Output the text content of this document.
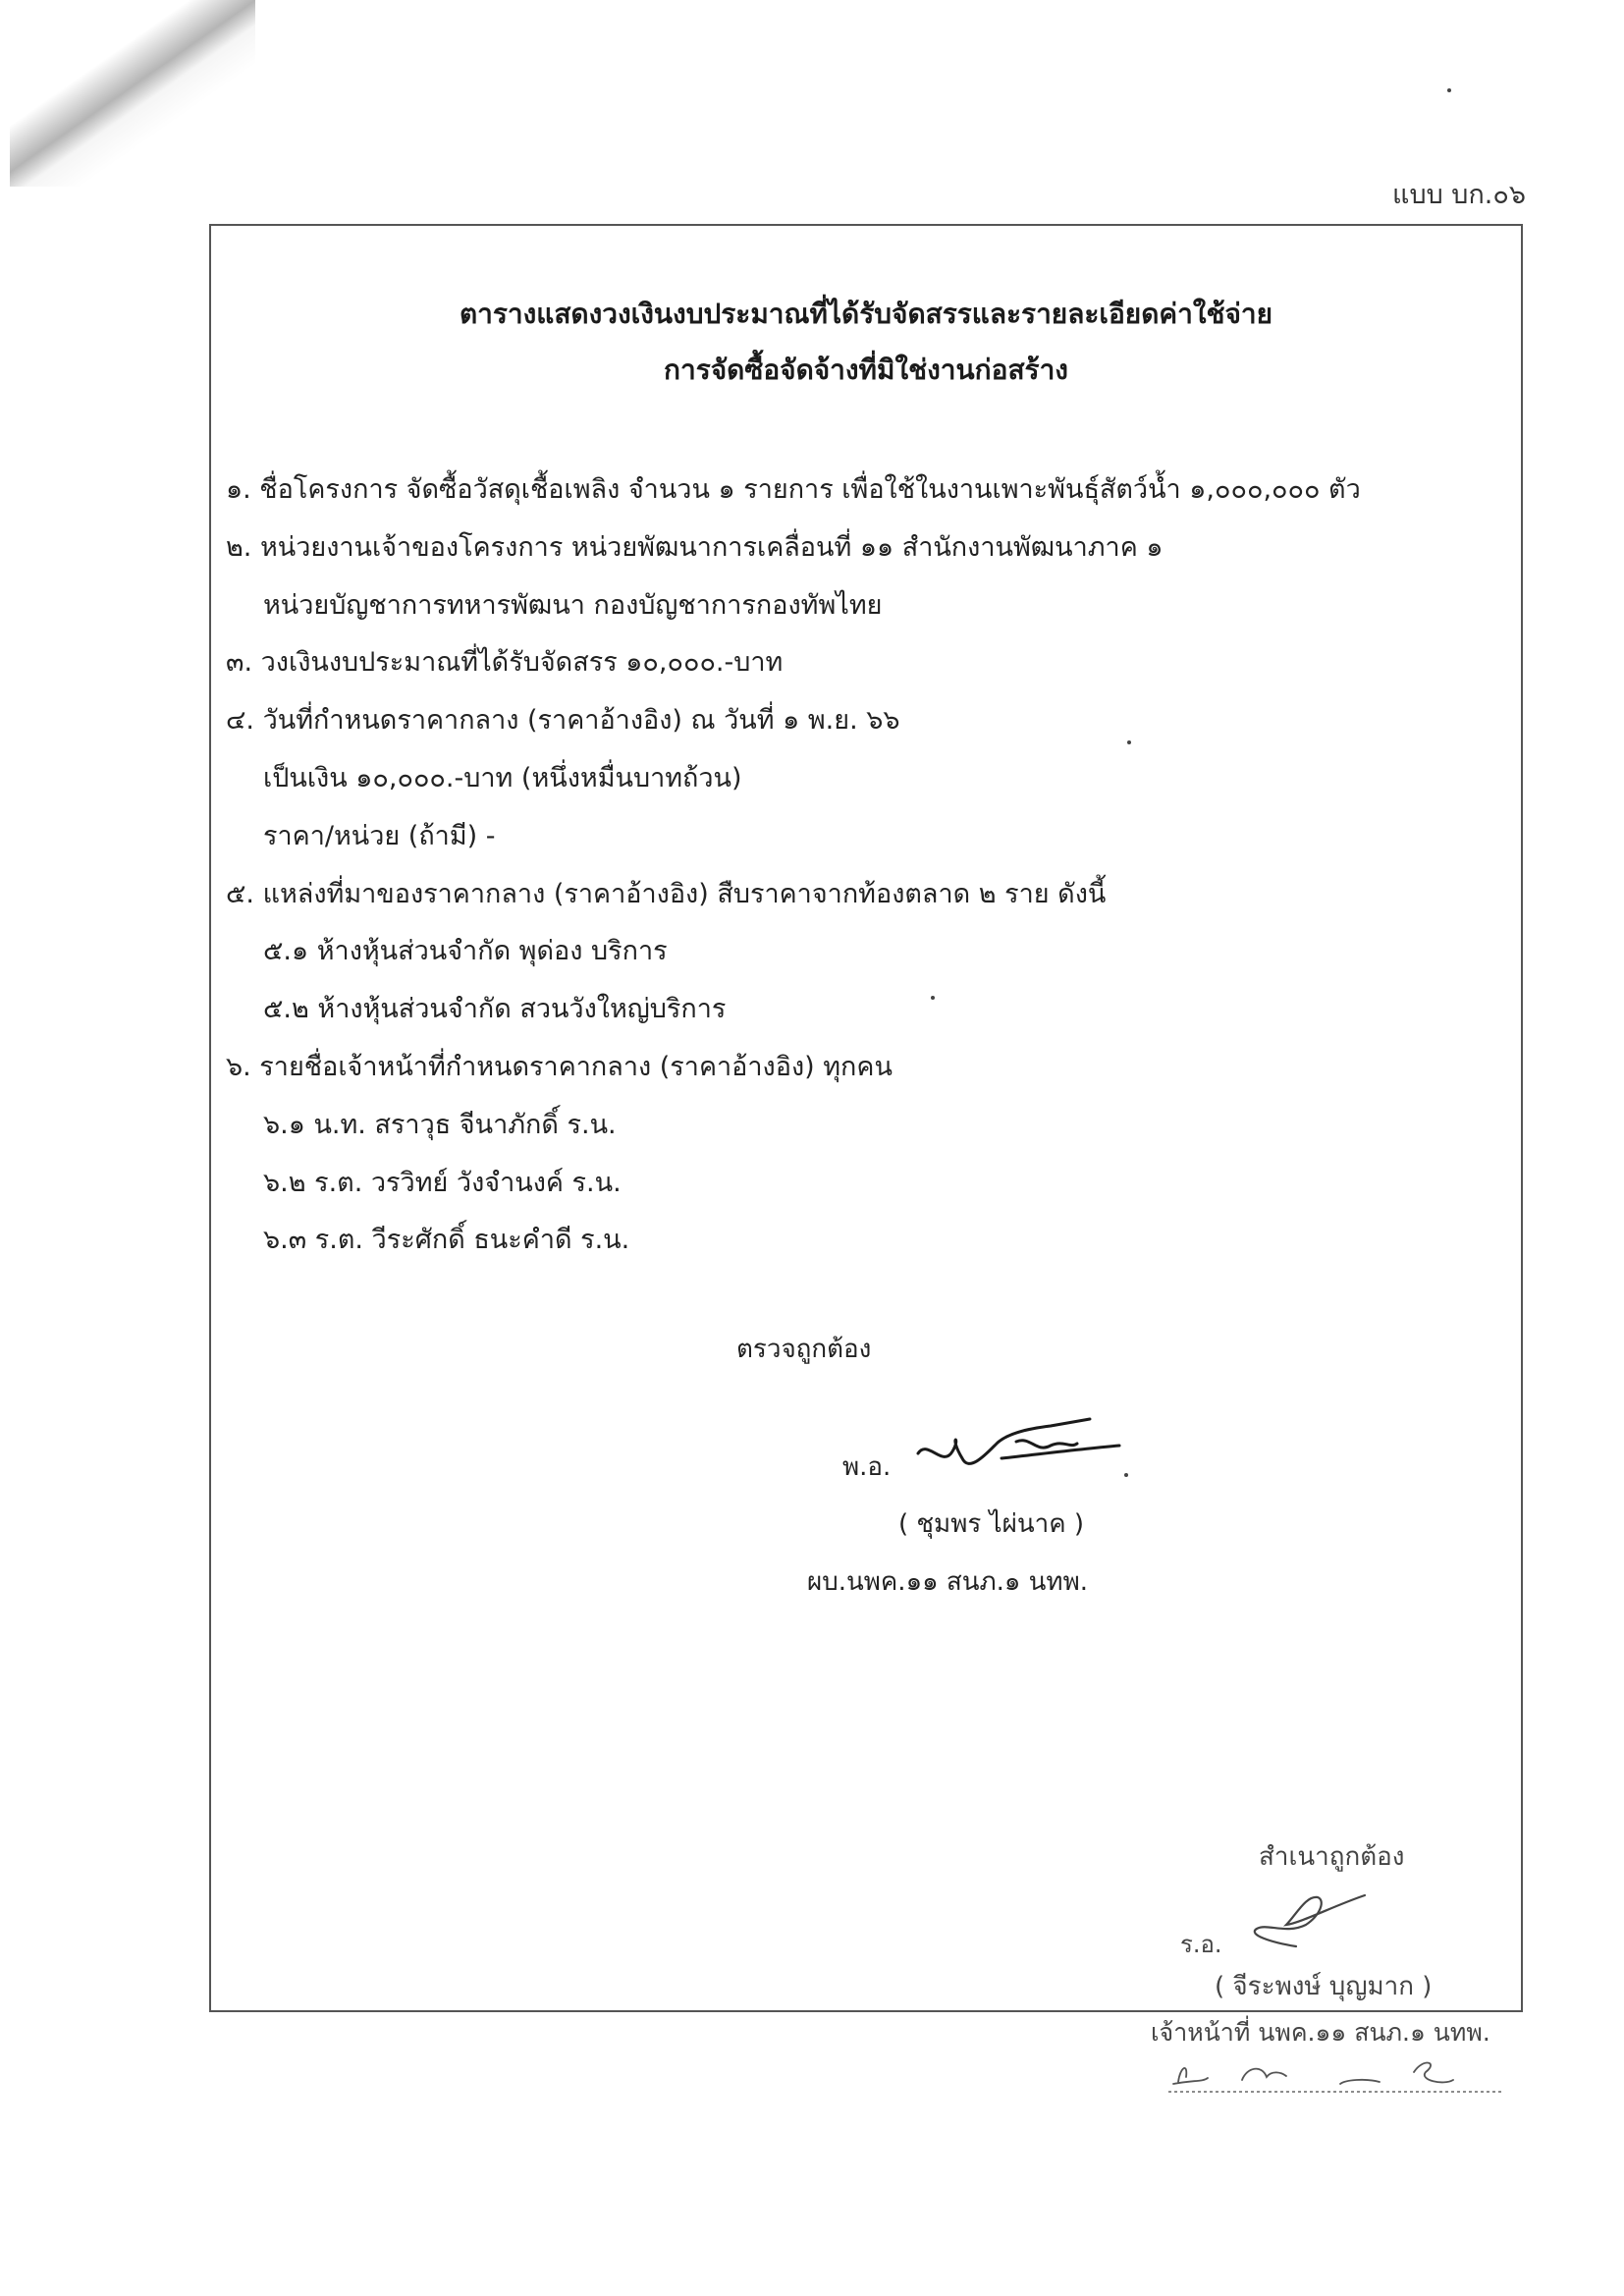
แบบ บก.๐๖
ตารางแสดงวงเงินงบประมาณที่ได้รับจัดสรรและรายละเอียดค่าใช้จ่าย
การจัดซื้อจัดจ้างที่มิใช่งานก่อสร้าง
๑. ชื่อโครงการ จัดซื้อวัสดุเชื้อเพลิง จำนวน ๑ รายการ เพื่อใช้ในงานเพาะพันธุ์สัตว์น้ำ ๑,๐๐๐,๐๐๐ ตัว
๒. หน่วยงานเจ้าของโครงการ หน่วยพัฒนาการเคลื่อนที่ ๑๑ สำนักงานพัฒนาภาค ๑
หน่วยบัญชาการทหารพัฒนา กองบัญชาการกองทัพไทย
๓. วงเงินงบประมาณที่ได้รับจัดสรร ๑๐,๐๐๐.-บาท
๔. วันที่กำหนดราคากลาง (ราคาอ้างอิง) ณ วันที่ ๑ พ.ย. ๖๖
เป็นเงิน ๑๐,๐๐๐.-บาท (หนึ่งหมื่นบาทถ้วน)
ราคา/หน่วย (ถ้ามี) -
๕. แหล่งที่มาของราคากลาง (ราคาอ้างอิง) สืบราคาจากท้องตลาด ๒ ราย ดังนี้
๕.๑ ห้างหุ้นส่วนจำกัด พุด่อง บริการ
๕.๒ ห้างหุ้นส่วนจำกัด สวนวังใหญ่บริการ
๖. รายชื่อเจ้าหน้าที่กำหนดราคากลาง (ราคาอ้างอิง) ทุกคน
๖.๑ น.ท. สราวุธ จีนาภักดิ์ ร.น.
๖.๒ ร.ต. วรวิทย์ วังจำนงค์ ร.น.
๖.๓ ร.ต. วีระศักดิ์ ธนะคำดี ร.น.
ตรวจถูกต้อง
พ.อ.
( ชุมพร ไผ่นาค )
ผบ.นพค.๑๑ สนภ.๑ นทพ.
สำเนาถูกต้อง
ร.อ.
( จีระพงษ์ บุญมาก )
เจ้าหน้าที่ นพค.๑๑ สนภ.๑ นทพ.
